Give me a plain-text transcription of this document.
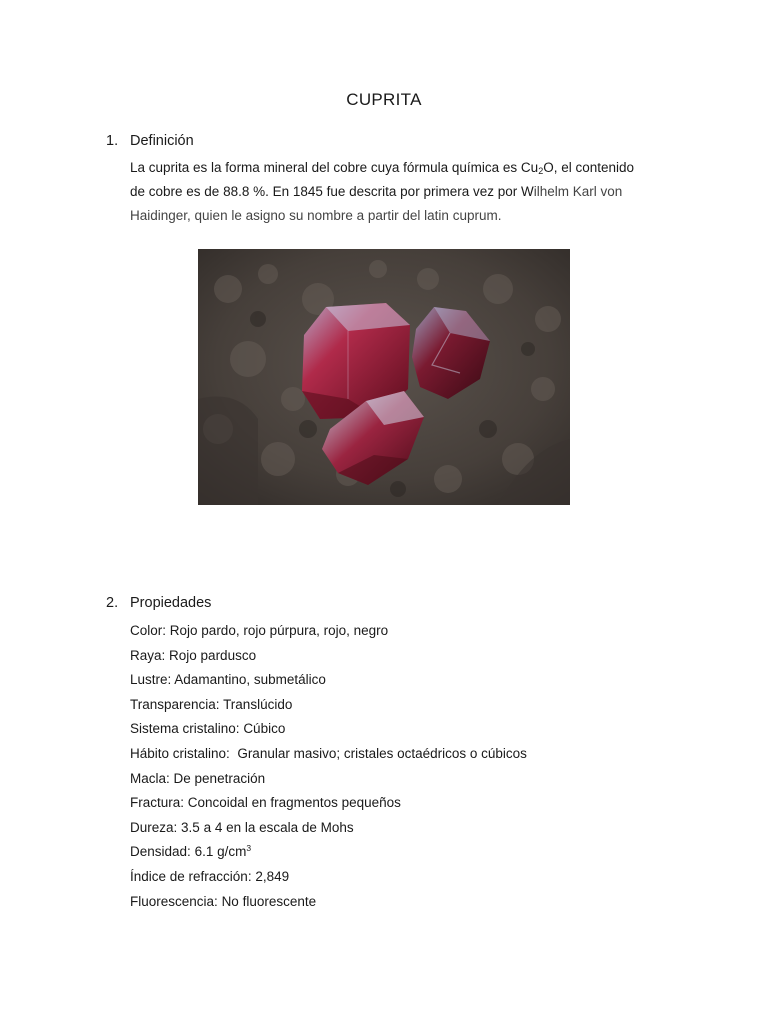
CUPRITA
1. Definición
La cuprita es la forma mineral del cobre cuya fórmula química es $Cu_2O$, el contenido
de cobre es de 88.8 %. En 1845 fue descrita por primera vez por Wilhelm Karl von
Haidinger, quien le asigno su nombre a partir del latin cuprum.
2. Propiedades
Color: Rojo pardo, rojo púrpura, rojo, negro
Raya: Rojo pardusco
Lustre: Adamantino, submetálico
Transparencia: Translúcido
Sistema cristalino: Cúbico
Hábito cristalino:  Granular masivo; cristales octaédricos o cúbicos
Macla: De penetración
Fractura: Concoidal en fragmentos pequeños
Dureza: 3.5 a 4 en la escala de Mohs
Densidad: 6.1 $g/cm^3$
Índice de refracción: 2,849
Fluorescencia: No fluorescente
